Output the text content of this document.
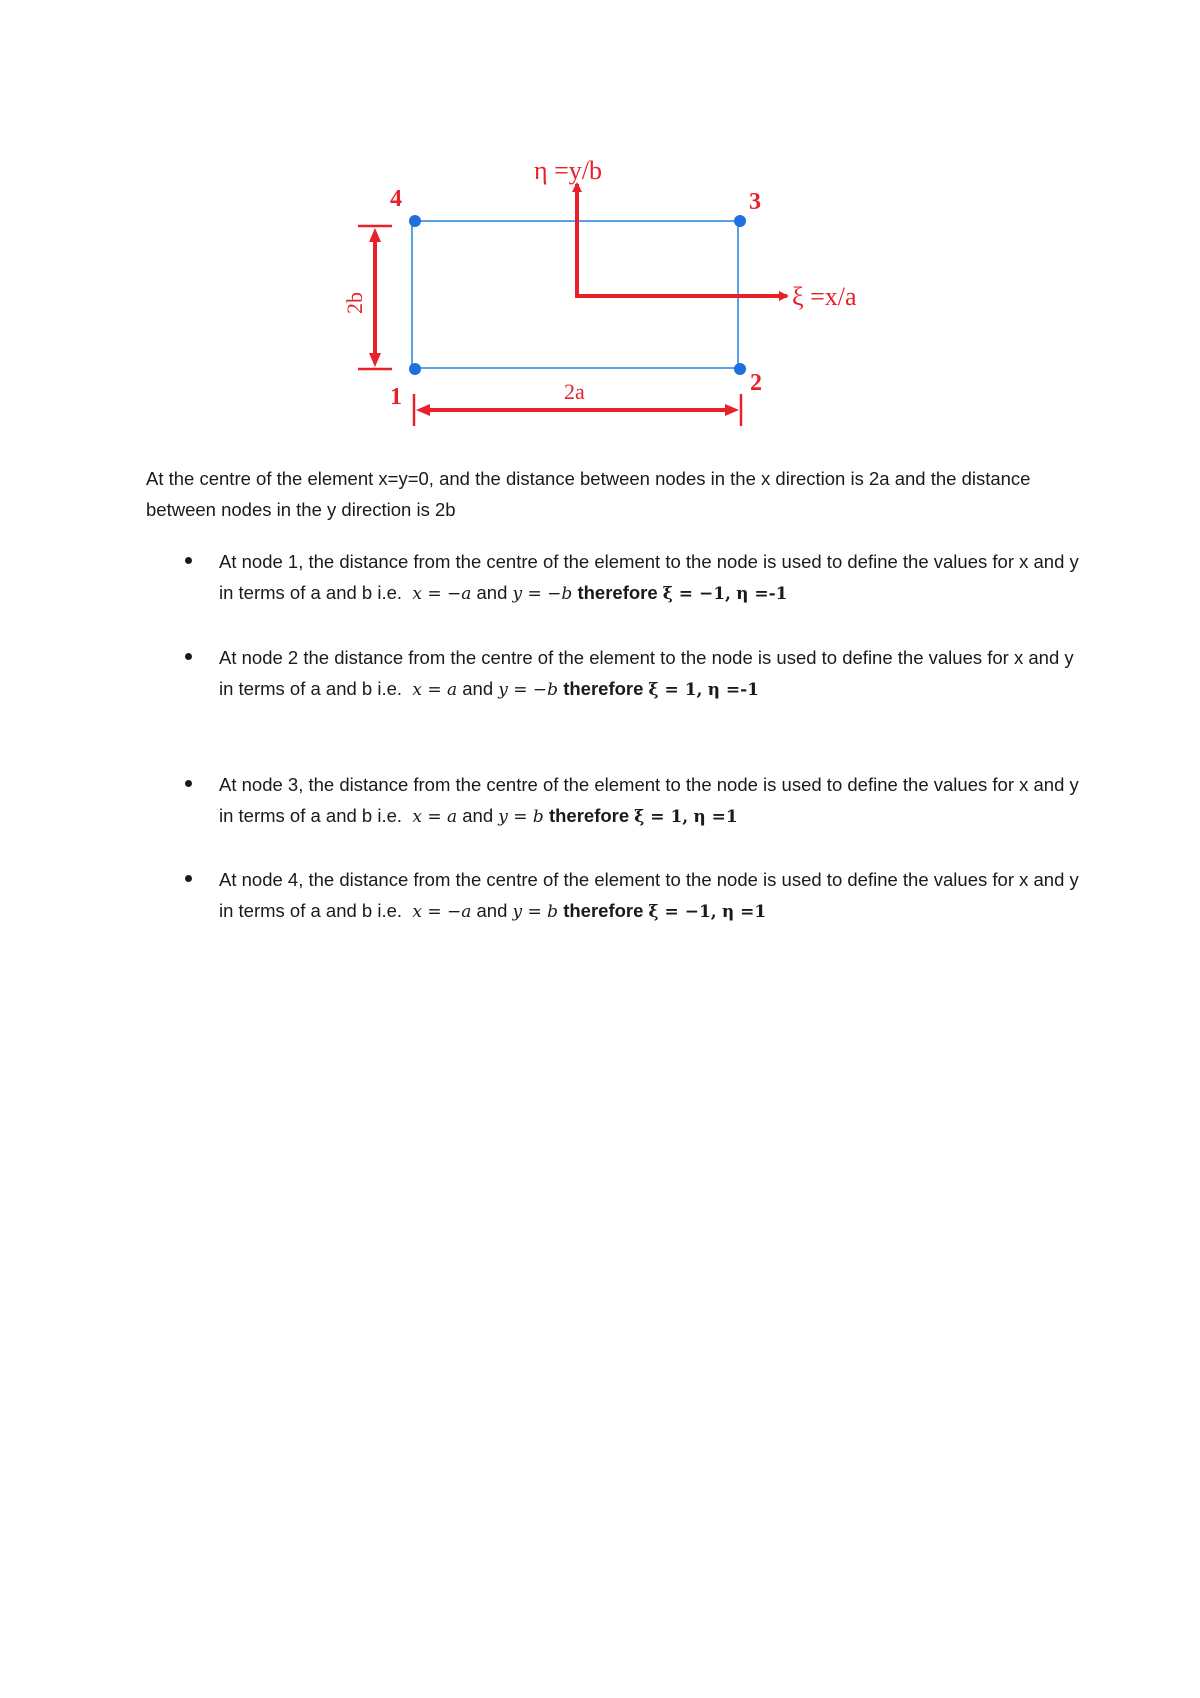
η =y/b
ξ =x/a
2a
2b
1
2
3
4
At the centre of the element x=y=0, and the distance between nodes in the x direction is 2a and the distance between nodes in the y direction is 2b
At node 1, the distance from the centre of the element to the node is used to define the values for x and y in terms of a and b i.e. x = −a and y = −b therefore ξ = −1, η =-1
At node 2 the distance from the centre of the element to the node is used to define the values for x and y in terms of a and b i.e. x = a and y = −b therefore ξ = 1, η =-1
At node 3, the distance from the centre of the element to the node is used to define the values for x and y in terms of a and b i.e. x = a and y = b therefore ξ = 1, η =1
At node 4, the distance from the centre of the element to the node is used to define the values for x and y in terms of a and b i.e. x = −a and y = b therefore ξ = −1, η =1
